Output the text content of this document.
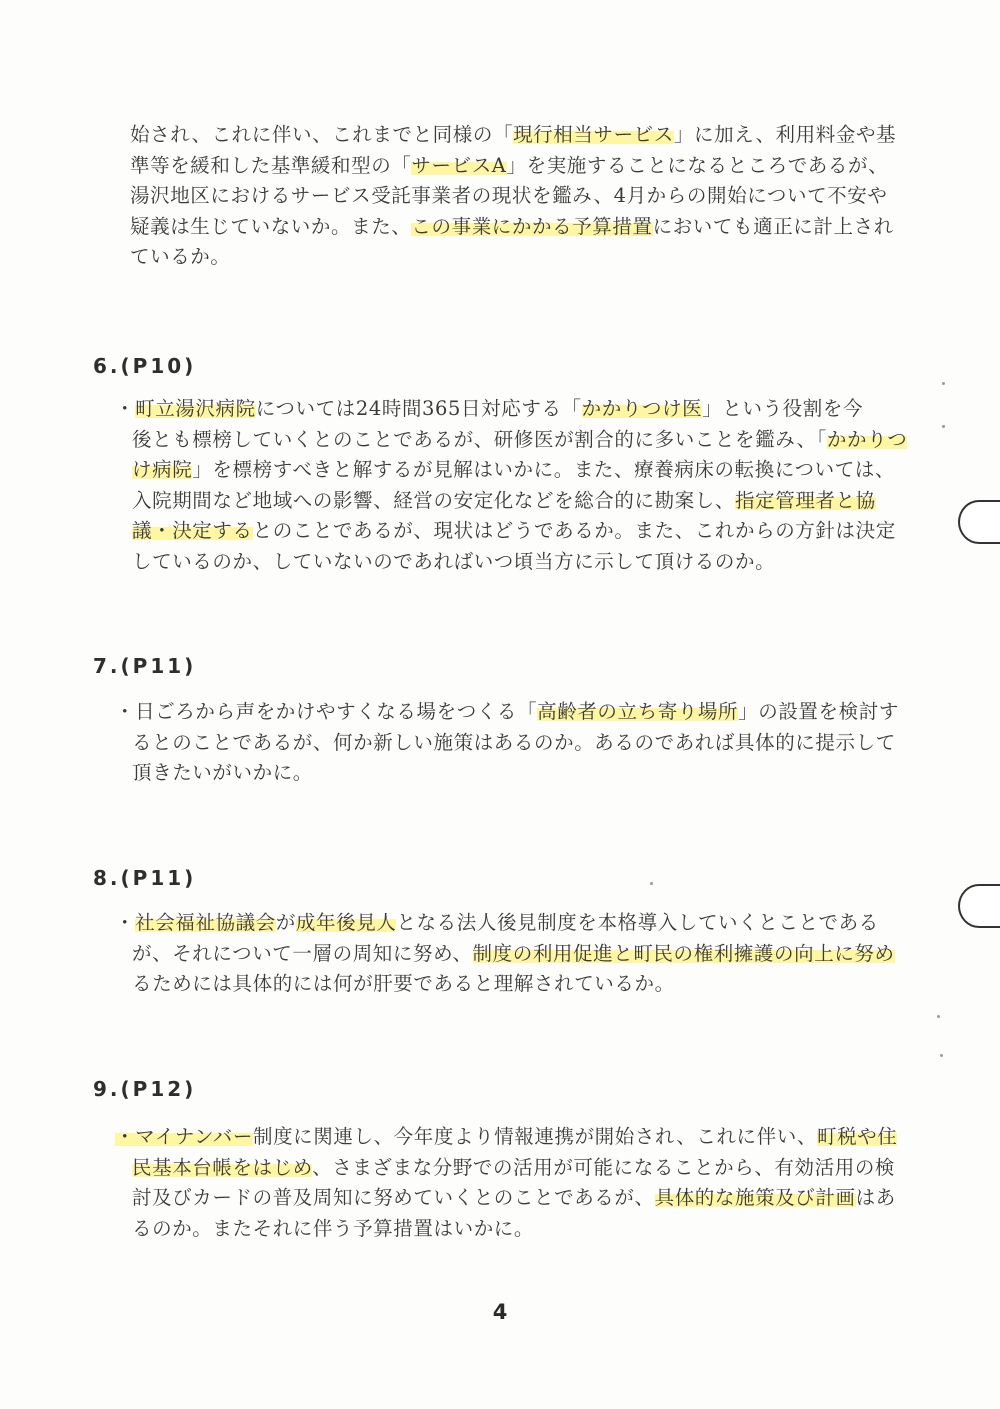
始され、これに伴い、これまでと同様の「現行相当サービス」に加え、利用料金や基
準等を緩和した基準緩和型の「サービスA」を実施することになるところであるが、
湯沢地区におけるサービス受託事業者の現状を鑑み、4月からの開始について不安や
疑義は生じていないか。また、この事業にかかる予算措置においても適正に計上され
ているか。
6.(P10)
・町立湯沢病院については24時間365日対応する「かかりつけ医」という役割を今
後とも標榜していくとのことであるが、研修医が割合的に多いことを鑑み、「かかりつ
け病院」を標榜すべきと解するが見解はいかに。また、療養病床の転換については、
入院期間など地域への影響、経営の安定化などを総合的に勘案し、指定管理者と協
議・決定するとのことであるが、現状はどうであるか。また、これからの方針は決定
しているのか、していないのであればいつ頃当方に示して頂けるのか。
7.(P11)
・日ごろから声をかけやすくなる場をつくる「高齢者の立ち寄り場所」の設置を検討す
るとのことであるが、何か新しい施策はあるのか。あるのであれば具体的に提示して
頂きたいがいかに。
8.(P11)
・社会福祉協議会が成年後見人となる法人後見制度を本格導入していくとことである
が、それについて一層の周知に努め、制度の利用促進と町民の権利擁護の向上に努め
るためには具体的には何が肝要であると理解されているか。
9.(P12)
・マイナンバー制度に関連し、今年度より情報連携が開始され、これに伴い、町税や住
民基本台帳をはじめ、さまざまな分野での活用が可能になることから、有効活用の検
討及びカードの普及周知に努めていくとのことであるが、具体的な施策及び計画はあ
るのか。またそれに伴う予算措置はいかに。
4
